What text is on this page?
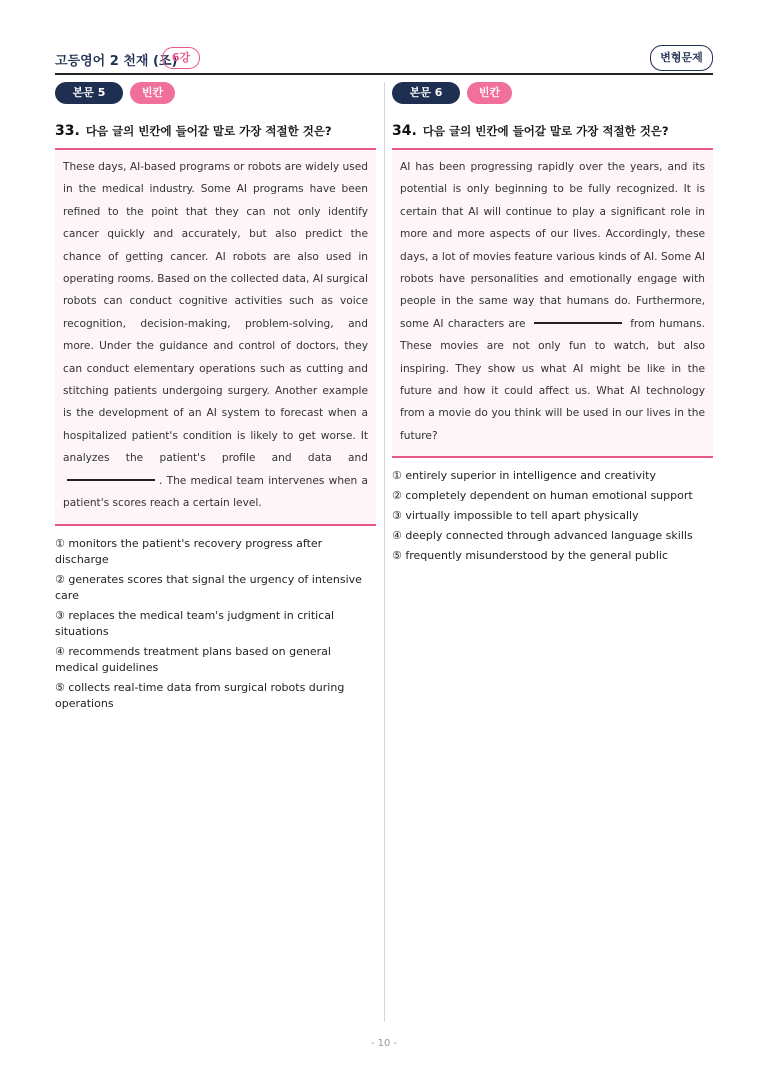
고등영어 2 천재 (조)
6강	변형문제
본문 5	빈칸
33. 다음 글의 빈칸에 들어갈 말로 가장 적절한 것은?
These days, AI-based programs or robots are widely used in the medical industry. Some AI programs have been refined to the point that they can not only identify cancer quickly and accurately, but also predict the chance of getting cancer. AI robots are also used in operating rooms. Based on the collected data, AI surgical robots can conduct cognitive activities such as voice recognition, decision-making, problem-solving, and more. Under the guidance and control of doctors, they can conduct elementary operations such as cutting and stitching patients undergoing surgery. Another example is the development of an AI system to forecast when a hospitalized patient's condition is likely to get worse. It analyzes the patient's profile and data and . The medical team intervenes when a patient's scores reach a certain level.
① monitors the patient's recovery progress after discharge
② generates scores that signal the urgency of intensive care
③ replaces the medical team's judgment in critical situations
④ recommends treatment plans based on general medical guidelines
⑤ collects real-time data from surgical robots during operations
본문 6	빈칸
34. 다음 글의 빈칸에 들어갈 말로 가장 적절한 것은?
AI has been progressing rapidly over the years, and its potential is only beginning to be fully recognized. It is certain that AI will continue to play a significant role in more and more aspects of our lives. Accordingly, these days, a lot of movies feature various kinds of AI. Some AI robots have personalities and emotionally engage with people in the same way that humans do. Furthermore, some AI characters are	from humans. These movies are not only fun to watch, but also inspiring. They show us what AI might be like in the future and how it could affect us. What AI technology from a movie do you think will be used in our lives in the future?
① entirely superior in intelligence and creativity
② completely dependent on human emotional support
③ virtually impossible to tell apart physically
④ deeply connected through advanced language skills
⑤ frequently misunderstood by the general public
- 10 -
